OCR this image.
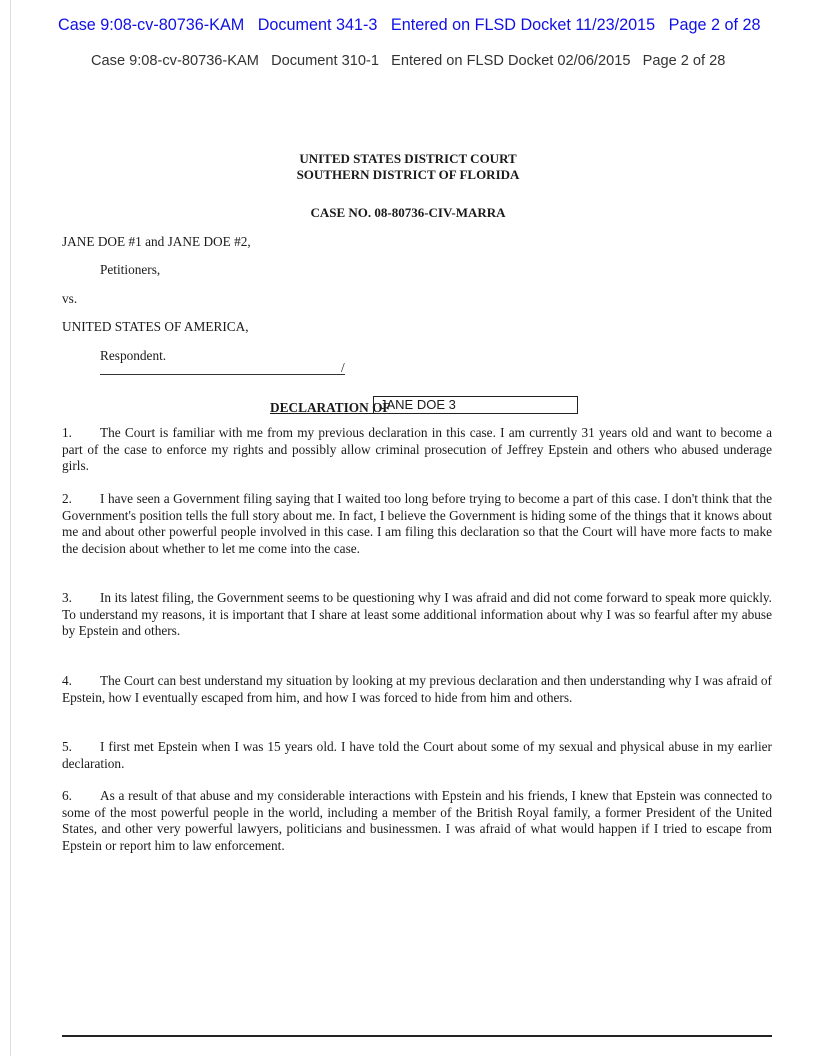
Case 9:08-cv-80736-KAM   Document 341-3   Entered on FLSD Docket 11/23/2015   Page 2 of 28
Case 9:08-cv-80736-KAM   Document 310-1   Entered on FLSD Docket 02/06/2015   Page 2 of 28
UNITED STATES DISTRICT COURT
SOUTHERN DISTRICT OF FLORIDA
CASE NO. 08-80736-CIV-MARRA
JANE DOE #1 and JANE DOE #2,
Petitioners,
vs.
UNITED STATES OF AMERICA,
Respondent.
/
DECLARATION OF
JANE DOE 3
1. The Court is familiar with me from my previous declaration in this case. I am currently 31 years old and want to become a part of the case to enforce my rights and possibly allow criminal prosecution of Jeffrey Epstein and others who abused underage girls.
2. I have seen a Government filing saying that I waited too long before trying to become a part of this case. I don't think that the Government's position tells the full story about me. In fact, I believe the Government is hiding some of the things that it knows about me and about other powerful people involved in this case. I am filing this declaration so that the Court will have more facts to make the decision about whether to let me come into the case.
3. In its latest filing, the Government seems to be questioning why I was afraid and did not come forward to speak more quickly. To understand my reasons, it is important that I share at least some additional information about why I was so fearful after my abuse by Epstein and others.
4. The Court can best understand my situation by looking at my previous declaration and then understanding why I was afraid of Epstein, how I eventually escaped from him, and how I was forced to hide from him and others.
5. I first met Epstein when I was 15 years old. I have told the Court about some of my sexual and physical abuse in my earlier declaration.
6. As a result of that abuse and my considerable interactions with Epstein and his friends, I knew that Epstein was connected to some of the most powerful people in the world, including a member of the British Royal family, a former President of the United States, and other very powerful lawyers, politicians and businessmen. I was afraid of what would happen if I tried to escape from Epstein or report him to law enforcement.
